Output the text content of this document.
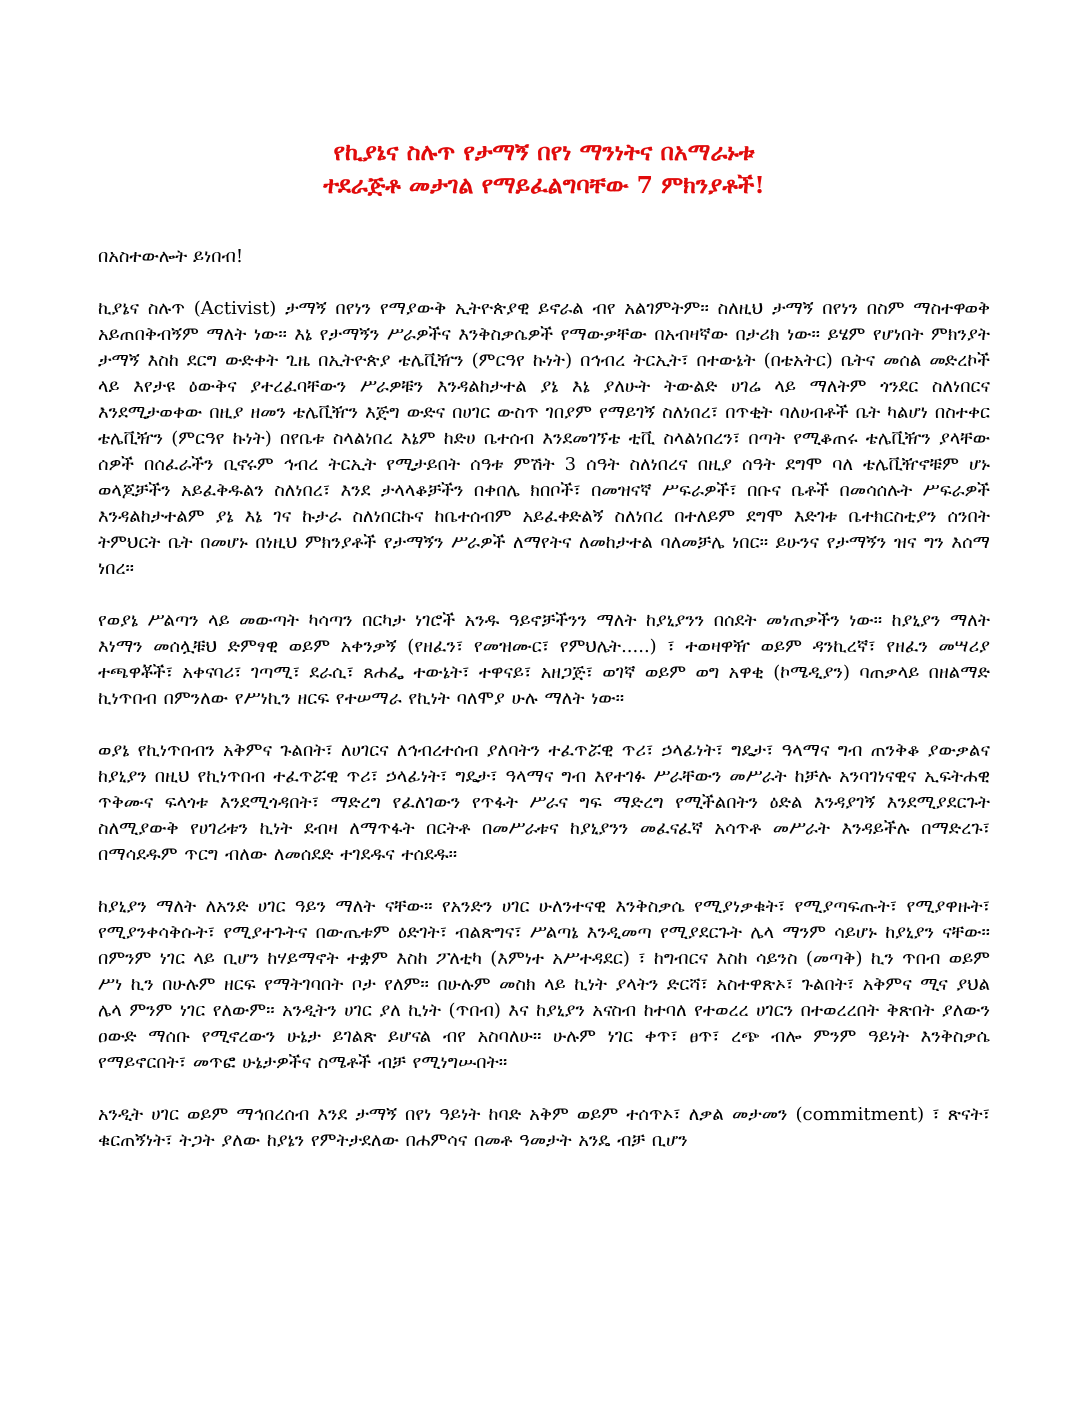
የኪያኔና ስሉጥ የታማኝ በየነ ማንነትና በአማራኑቱ
ተደራጅቶ መታገል የማይፈልግባቸው 7 ምክንያቶች!
በአስተውሎት ይነበብ!

ኪያኔና ስሉጥ (Activist) ታማኝ በየነን የማያውቅ ኢትዮጵያዊ ይኖራል ብየ አልገምትም፡፡ ስለዚህ ታማኝ በየነን በስም ማስተዋወቅ አይጠበቅብኝም ማለት ነው፡፡ እኔ የታማኝን ሥራዎችና እንቅስቃሴዎች የማውቃቸው በአብዛኛው በታሪክ ነው፡፡ ይሄም የሆነበት ምክንያት ታማኝ እስከ ደርግ ውድቀት ጊዜ በኢትዮጵያ ቴሌቪዥን (ምርዓየ ኩነት) በኅብረ ትርኢት፣ በተውኔት (በቴአትር) ቤትና መሰል መድረኮች ላይ እየታዩ ዕውቅና ያተረፈባቸውን ሥራዎቹን እንዳልከታተል ያኔ እኔ ያለሁት ትውልድ ሀገሬ ላይ ማለትም ጎንደር ስለነበርና እንደሚታወቀው በዚያ ዘመን ቴሌቪዥን እጅግ ውድና በሀገር ውስጥ ገበያም የማይገኝ ስለነበረ፣ በጥቂት ባለሀብቶች ቤት ካልሆነ በስተቀር ቴሌቪዥን (ምርዓየ ኩነት) በየቤቱ ስላልነበረ እኔም ከድሀ ቤተሰብ እንደመገኘቴ ቲቪ ስላልነበረን፣ በጣት የሚቆጠሩ ቴሌቪዥን ያላቸው ሰዎች በሰፈራችን ቢኖሩም ኅብረ ትርኢት የሚታይበት ሰዓቱ ምሽት 3 ሰዓት ስለነበረና በዚያ ሰዓት ደግሞ ባለ ቴሌቪዥኖቹም ሆኑ ወላጆቻችን አይፈቅዱልን ስለነበረ፣ እንደ ታላላቆቻችን በቀበሌ ክበቦች፣ በመዝናኛ ሥፍራዎች፣ በቡና ቤቶች በመሳሰሉት ሥፍራዎች እንዳልከታተልም ያኔ እኔ ገና ኩታራ ስለነበርኩና ከቤተሰብም አይፈቀድልኝ ስለነበረ በተለይም ደግሞ እድገቱ ቤተክርስቲያን ሰንበት ትምህርት ቤት በመሆኑ በነዚህ ምክንያቶች የታማኝን ሥራዎች ለማየትና ለመከታተል ባለመቻሌ ነበር፡፡ ይሁንና የታማኝን ዝና ግን እሰማ ነበረ፡፡

የወያኔ ሥልጣን ላይ መውጣት ካሳጣን በርካታ ነገሮች አንዱ ዓይኖቻችንን ማለት ከያኒያንን በሰደት መነጠቃችን ነው፡፡ ከያኒያን ማለት እነማን መሰሏቹህ ድምፃዊ ወይም አቀንቃኝ (የዘፈን፣ የመዝሙር፣ የምህሌት.....) ፣ ተወዛዋዥ ወይም ዳንኪረኛ፣ የዘፈን መሣሪያ ተጫዋቾች፣ አቀናባሪ፣ ገጣሚ፣ ደራሲ፣ ጸሐፌ ተውኔት፣ ተዋናይ፣ አዘጋጅ፣ ወገኛ ወይም ወግ አዋቂ (ኮሜዲያን) ባጠቃላይ በዘልማድ ኪነጥበብ በምንለው የሥነኪን ዘርፍ የተሠማራ የኪነት ባለሞያ ሁሉ ማለት ነው፡፡

ወያኔ የኪነጥበብን አቅምና ጉልበት፣ ለሀገርና ለኅብረተሰብ ያለባትን ተፈጥሯዊ ጥሪ፣ ኃላፊነት፣ ግዴታ፣ ዓላማና ግብ ጠንቅቆ ያውቃልና ከያኒያን በዚህ የኪነጥበብ ተፈጥሯዊ ጥሪ፣ ኃላፊነት፣ ግዴታ፣ ዓላማና ግብ እየተገፉ ሥራቸውን መሥራት ከቻሉ አንባገነናዊና ኢፍትሐዊ ጥቅሙና ፍላጎቱ እንደሚጎዳበት፣ ማድረግ የፈለገውን የጥፋት ሥራና ግፍ ማድረግ የሚችልበትን ዕድል እንዳያገኝ እንደሚያደርጉት ስለሚያውቅ የሀገሪቱን ኪነት ደብዛ ለማጥፋት በርትቶ በመሥራቱና ከያኒያንን መፈናፈኛ አሳጥቶ መሥራት እንዳይችሉ በማድረጉ፣ በማሳደዱም ጥርግ ብለው ለመሰደድ ተገደዱና ተሰደዱ፡፡

ከያኒያን ማለት ለአንድ ሀገር ዓይን ማለት ናቸው፡፡ የአንድን ሀገር ሁለንተናዊ እንቅስቃሴ የሚያነቃቁት፣ የሚያጣፍጡት፣ የሚያዋዙት፣ የሚያንቀሳቅሱት፣ የሚያተጉትና በውጤቱም ዕድገት፣ ብልጽግና፣ ሥልጣኔ እንዲመጣ የሚያደርጉት ሌላ ማንም ሳይሆኑ ከያኒያን ናቸው፡፡ በምንም ነገር ላይ ቢሆን ከሃይማኖት ተቋም እስከ ፖለቲካ (እምነተ አሥተዳደር) ፣ ከግብርና እስከ ሳይንስ (መጣቅ) ኪን ጥበብ ወይም ሥነ ኪን በሁሉም ዘርፍ የማትገባበት ቦታ የለም፡፡ በሁሉም መስክ ላይ ኪነት ያላትን ድርሻ፣ አስተዋጽኦ፣ ጉልበት፣ አቅምና ሚና ያህል ሌላ ምንም ነገር የለውም፡፡ አንዲትን ሀገር ያለ ኪነት (ጥበብ) እና ከያኒያን አናስብ ከተባለ የተወረረ ሀገርን በተወረረበት ቅጽበት ያለውን ዐውድ ማሰቡ የሚኖረውን ሁኔታ ይገልጽ ይሆናል ብየ አስባለሁ፡፡ ሁሉም ነገር ቀጥ፣ ፀጥ፣ ረጭ ብሎ ምንም ዓይነት እንቅስቃሴ የማይኖርበት፣ መጥፎ ሁኔታዎችና ስሜቶች ብቻ የሚነግሡበት፡፡

አንዲት ሀገር ወይም ማኅበረሰብ እንደ ታማኝ በየነ ዓይነት ከባድ አቅም ወይም ተሰጥኦ፣ ለቃል መታመን (commitment) ፣ ጽናት፣ ቁርጠኝነት፣ ትጋት ያለው ከያኔን የምትታደለው በሐምሳና በመቶ ዓመታት አንዴ ብቻ ቢሆን
